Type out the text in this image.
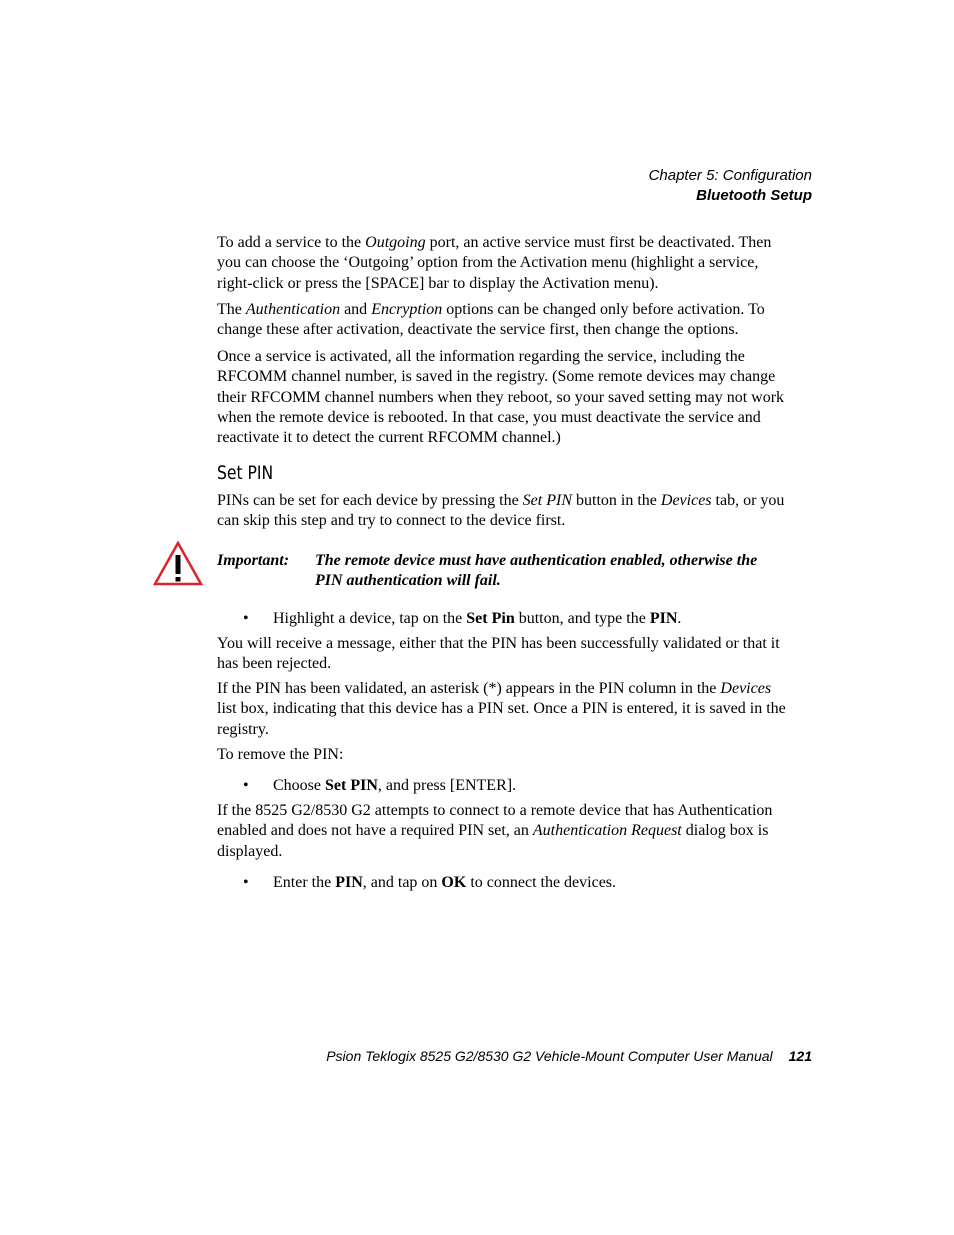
Chapter 5: Configuration
Bluetooth Setup

To add a service to the Outgoing port, an active service must first be deactivated. Then you can choose the ‘Outgoing’ option from the Activation menu (highlight a service, right-click or press the [SPACE] bar to display the Activation menu).

The Authentication and Encryption options can be changed only before activation. To change these after activation, deactivate the service first, then change the options.

Once a service is activated, all the information regarding the service, including the RFCOMM channel number, is saved in the registry. (Some remote devices may change their RFCOMM channel numbers when they reboot, so your saved setting may not work when the remote device is rebooted. In that case, you must deactivate the service and reactivate it to detect the current RFCOMM channel.)

Set PIN

PINs can be set for each device by pressing the Set PIN button in the Devices tab, or you can skip this step and try to connect to the device first.

Important: The remote device must have authentication enabled, otherwise the PIN authentication will fail.
• Highlight a device, tap on the Set Pin button, and type the PIN.

You will receive a message, either that the PIN has been successfully validated or that it has been rejected.

If the PIN has been validated, an asterisk (*) appears in the PIN column in the Devices list box, indicating that this device has a PIN set. Once a PIN is entered, it is saved in the registry.

To remove the PIN:

• Choose Set PIN, and press [ENTER].

If the 8525 G2/8530 G2 attempts to connect to a remote device that has Authentication enabled and does not have a required PIN set, an Authentication Request dialog box is displayed.

• Enter the PIN, and tap on OK to connect the devices.
Psion Teklogix 8525 G2/8530 G2 Vehicle-Mount Computer User Manual 121
